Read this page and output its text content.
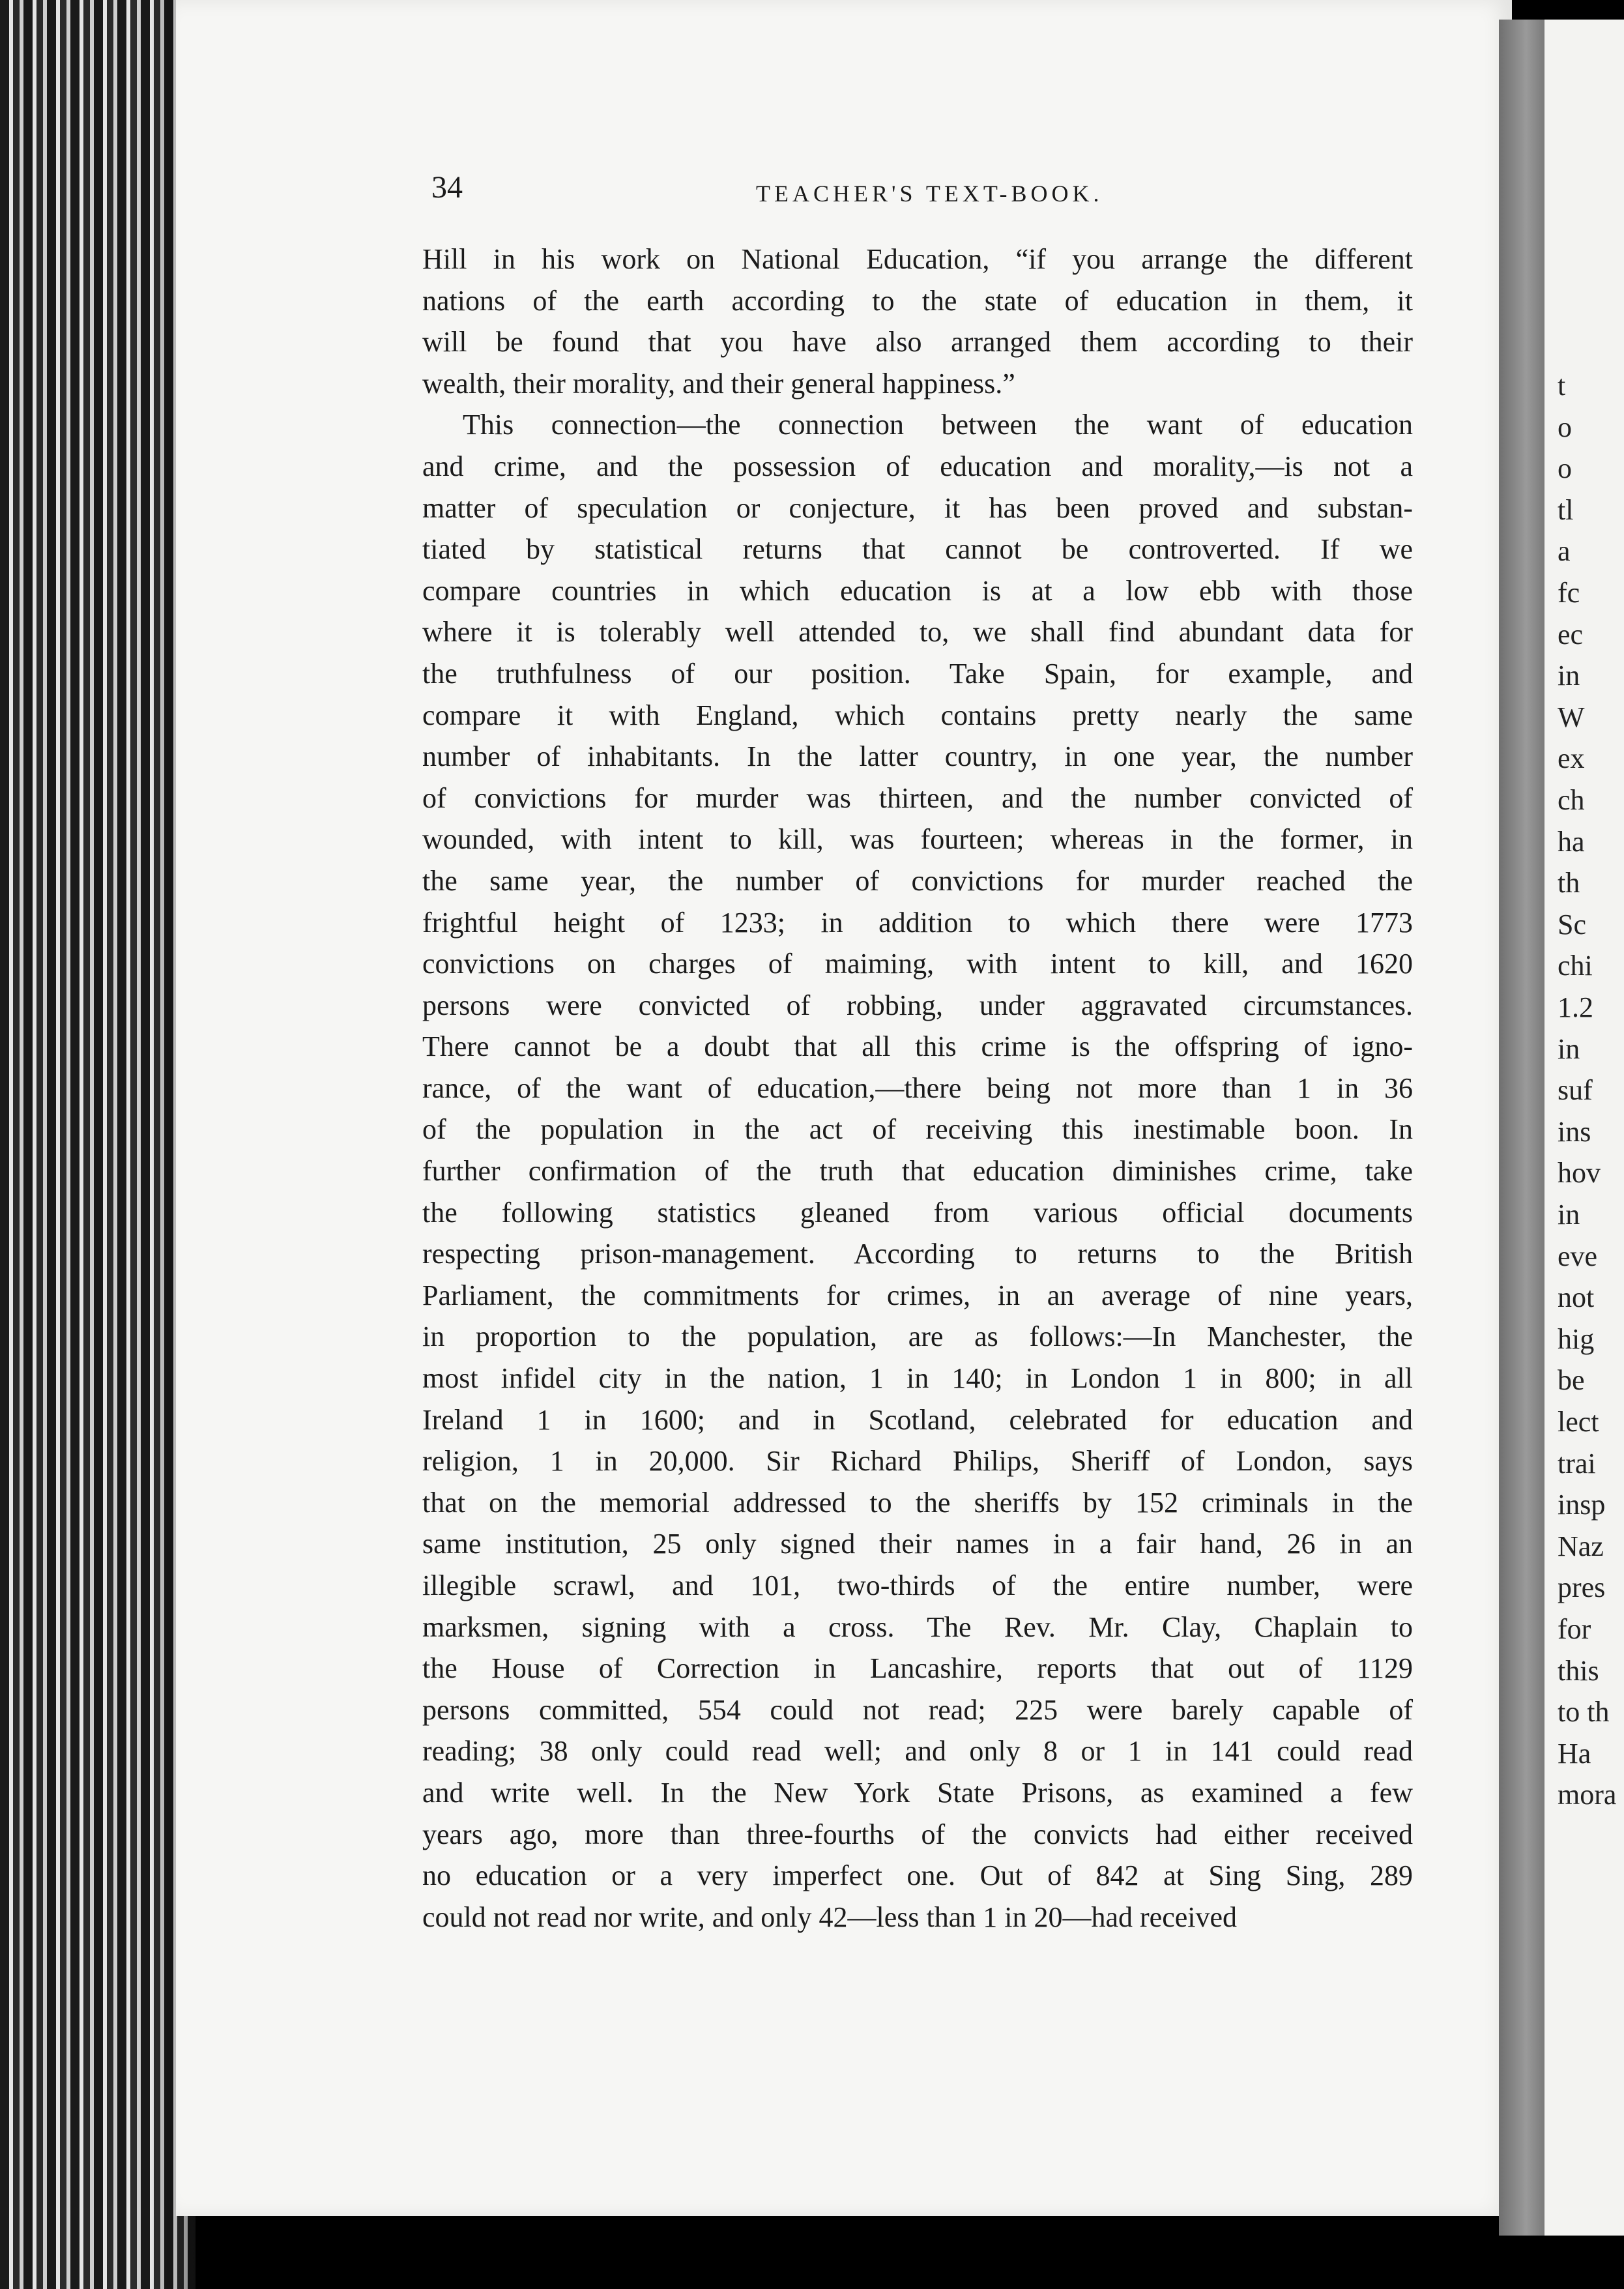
34	TEACHER'S TEXT-BOOK.
Hill in his work on National Education, “if you arrange the different
nations of the earth according to the state of education in them, it
will be found that you have also arranged them according to their
wealth, their morality, and their general happiness.”
This connection—the connection between the want of education
and crime, and the possession of education and morality,—is not a
matter of speculation or conjecture, it has been proved and substan-
tiated by statistical returns that cannot be controverted. If we
compare countries in which education is at a low ebb with those
where it is tolerably well attended to, we shall find abundant data for
the truthfulness of our position. Take Spain, for example, and
compare it with England, which contains pretty nearly the same
number of inhabitants. In the latter country, in one year, the number
of convictions for murder was thirteen, and the number convicted of
wounded, with intent to kill, was fourteen; whereas in the former, in
the same year, the number of convictions for murder reached the
frightful height of 1233; in addition to which there were 1773
convictions on charges of maiming, with intent to kill, and 1620
persons were convicted of robbing, under aggravated circumstances.
There cannot be a doubt that all this crime is the offspring of igno-
rance, of the want of education,—there being not more than 1 in 36
of the population in the act of receiving this inestimable boon. In
further confirmation of the truth that education diminishes crime, take
the following statistics gleaned from various official documents
respecting prison-management. According to returns to the British
Parliament, the commitments for crimes, in an average of nine years,
in proportion to the population, are as follows:—In Manchester, the
most infidel city in the nation, 1 in 140; in London 1 in 800; in all
Ireland 1 in 1600; and in Scotland, celebrated for education and
religion, 1 in 20,000. Sir Richard Philips, Sheriff of London, says
that on the memorial addressed to the sheriffs by 152 criminals in the
same institution, 25 only signed their names in a fair hand, 26 in an
illegible scrawl, and 101, two-thirds of the entire number, were
marksmen, signing with a cross. The Rev. Mr. Clay, Chaplain to
the House of Correction in Lancashire, reports that out of 1129
persons committed, 554 could not read; 225 were barely capable of
reading; 38 only could read well; and only 8 or 1 in 141 could read
and write well. In the New York State Prisons, as examined a few
years ago, more than three-fourths of the convicts had either received
no education or a very imperfect one. Out of 842 at Sing Sing, 289
could not read nor write, and only 42—less than 1 in 20—had received
t
o
o
tl
a
fc
ec
in
W
ex
ch
ha
th
Sc
chi
1.2
in
suf
ins
hov
in
eve
not
hig
be
lect
trai
insp
Naz
pres
for
this
to th
Ha
mora
